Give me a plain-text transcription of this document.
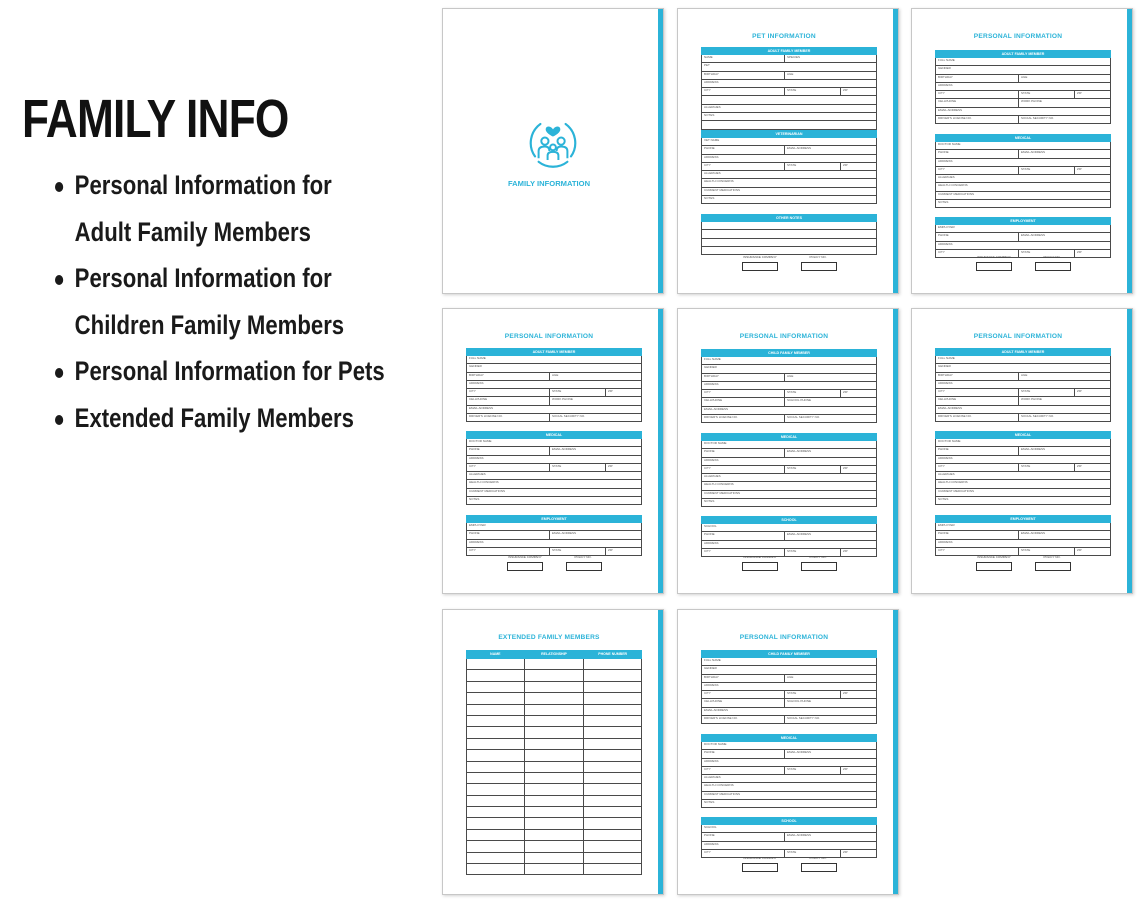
FAMILY INFO
Personal Information for
Adult Family Members
Personal Information for
Children Family Members
Personal Information for Pets
Extended Family Members
FAMILY INFORMATION
PET INFORMATION
ADULT FAMILY MEMBER
NAME	SPECIES
PET
BIRTHDAY	AGE
ADDRESS
CITY	STATE	ZIP
ALLERGIES
NOTES
VETERINARIAN
VET NAME
PHONE	EMAIL ADDRESS
ADDRESS
CITY	STATE	ZIP
ALLERGIES
HEALTH CONCERNS
CURRENT MEDICATIONS
NOTES
OTHER NOTES
INSURANCE COMPANY	POLICY NO.
PERSONAL INFORMATION
ADULT FAMILY MEMBER
FULL NAME
GENDER
BIRTHDAY	AGE
ADDRESS
CITY	STATE	ZIP
CELLPHONE	WORK PHONE
EMAIL ADDRESS
DRIVER'S LICENSE NO.	SOCIAL SECURITY NO.
MEDICAL
DOCTOR NAME
PHONE	EMAIL ADDRESS
ADDRESS
CITY	STATE	ZIP
ALLERGIES
HEALTH CONCERNS
CURRENT MEDICATIONS
NOTES
EMPLOYMENT
EMPLOYER
PHONE	EMAIL ADDRESS
ADDRESS
CITY	STATE	ZIP
INSURANCE COMPANY	POLICY NO.
PERSONAL INFORMATION
ADULT FAMILY MEMBER
FULL NAME
GENDER
BIRTHDAY	AGE
ADDRESS
CITY	STATE	ZIP
CELLPHONE	WORK PHONE
EMAIL ADDRESS
DRIVER'S LICENSE NO.	SOCIAL SECURITY NO.
MEDICAL
DOCTOR NAME
PHONE	EMAIL ADDRESS
ADDRESS
CITY	STATE	ZIP
ALLERGIES
HEALTH CONCERNS
CURRENT MEDICATIONS
NOTES
EMPLOYMENT
EMPLOYER
PHONE	EMAIL ADDRESS
ADDRESS
CITY	STATE	ZIP
INSURANCE COMPANY	POLICY NO.
PERSONAL INFORMATION
CHILD FAMILY MEMBER
FULL NAME
GENDER
BIRTHDAY	AGE
ADDRESS
CITY	STATE	ZIP
CELLPHONE	SCHOOL PHONE
EMAIL ADDRESS
DRIVER'S LICENSE NO.	SOCIAL SECURITY NO.
MEDICAL
DOCTOR NAME
PHONE	EMAIL ADDRESS
ADDRESS
CITY	STATE	ZIP
ALLERGIES
HEALTH CONCERNS
CURRENT MEDICATIONS
NOTES
SCHOOL
SCHOOL
PHONE	EMAIL ADDRESS
ADDRESS
CITY	STATE	ZIP
INSURANCE COMPANY	POLICY NO.
PERSONAL INFORMATION
ADULT FAMILY MEMBER
FULL NAME
GENDER
BIRTHDAY	AGE
ADDRESS
CITY	STATE	ZIP
CELLPHONE	WORK PHONE
EMAIL ADDRESS
DRIVER'S LICENSE NO.	SOCIAL SECURITY NO.
MEDICAL
DOCTOR NAME
PHONE	EMAIL ADDRESS
ADDRESS
CITY	STATE	ZIP
ALLERGIES
HEALTH CONCERNS
CURRENT MEDICATIONS
NOTES
EMPLOYMENT
EMPLOYER
PHONE	EMAIL ADDRESS
ADDRESS
CITY	STATE	ZIP
INSURANCE COMPANY	POLICY NO.
EXTENDED FAMILY MEMBERS
NAME	RELATIONSHIP	PHONE NUMBER
PERSONAL INFORMATION
CHILD FAMILY MEMBER
FULL NAME
GENDER
BIRTHDAY	AGE
ADDRESS
CITY	STATE	ZIP
CELLPHONE	SCHOOL PHONE
EMAIL ADDRESS
DRIVER'S LICENSE NO.	SOCIAL SECURITY NO.
MEDICAL
DOCTOR NAME
PHONE	EMAIL ADDRESS
ADDRESS
CITY	STATE	ZIP
ALLERGIES
HEALTH CONCERNS
CURRENT MEDICATIONS
NOTES
SCHOOL
SCHOOL
PHONE	EMAIL ADDRESS
ADDRESS
CITY	STATE	ZIP
INSURANCE COMPANY	POLICY NO.
